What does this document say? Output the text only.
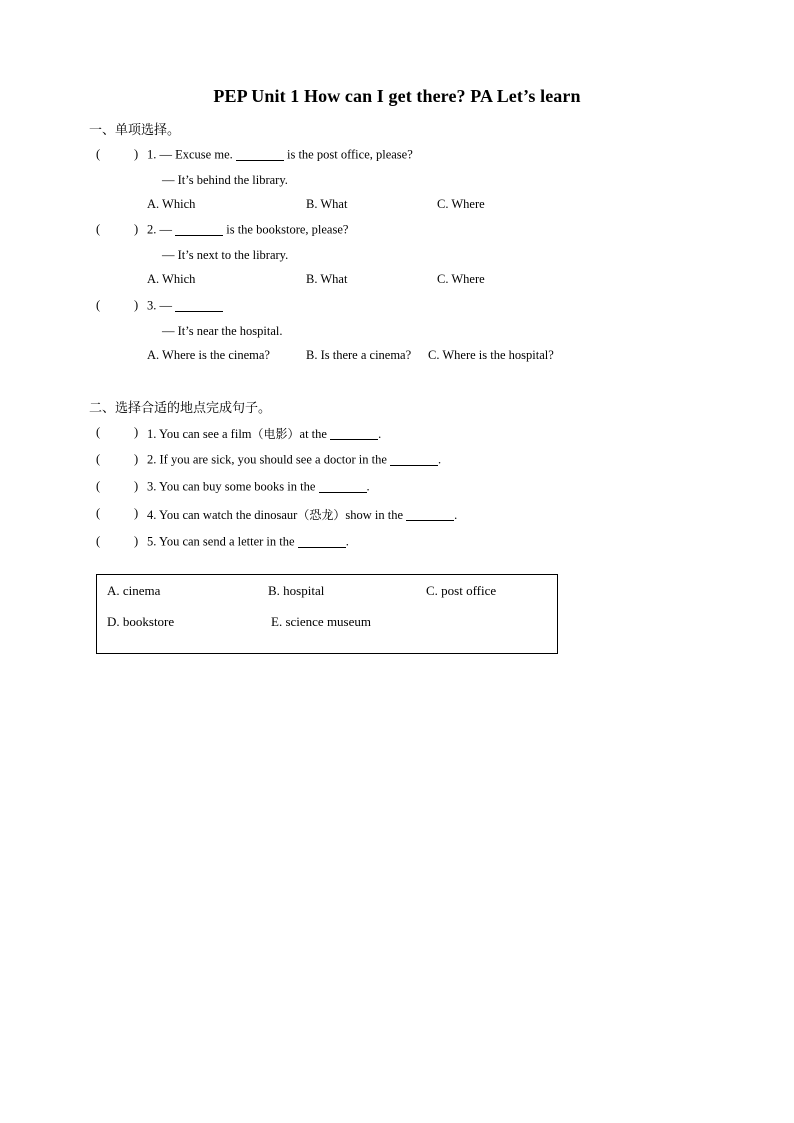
PEP Unit 1 How can I get there? PA Let’s learn
一、单项选择。
(	) 1. — Excuse me.	is the post office, please?
— It’s behind the library.
A. Which	B. What	C. Where
(	) 2. —	is the bookstore, please?
— It’s next to the library.
A. Which	B. What	C. Where
(	) 3. —
— It’s near the hospital.
A. Where is the cinema?	B. Is there a cinema? C. Where is the hospital?
二、选择合适的地点完成句子。
(	) 1. You can see a film（电影）at the	.
(	) 2. If you are sick, you should see a doctor in the	.
(	) 3. You can buy some books in the	.
(	) 4. You can watch the dinosaur（恐龙）show in the	.
(	) 5. You can send a letter in the	.
A. cinema	B. hospital	C. post office
D. bookstore	E. science museum
